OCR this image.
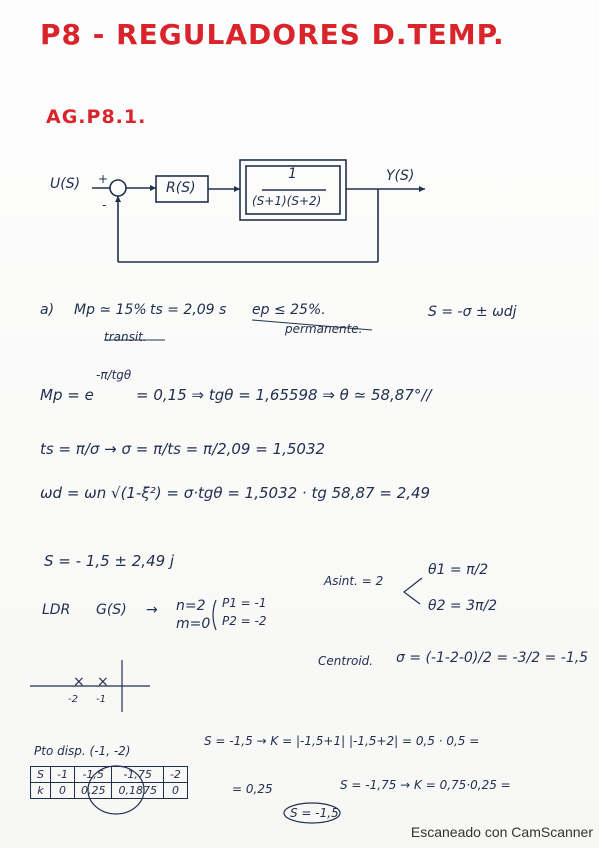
P8 - REGULADORES D.TEMP.
AG.P8.1.
× ×
U(S) +
-
R(S)
1
(S+1)(S+2)
Y(S)
a) Mp ≃ 15% ts = 2,09 s ep ≤ 25%.	S = -σ ± ωdj
transit.
permanente.
Mp = e
-π/tgθ
= 0,15 ⇒ tgθ = 1,65598 ⇒ θ ≃ 58,87°//
ts = π/σ → σ = π/ts = π/2,09 = 1,5032
ωd = ωn √(1-ξ²) = σ·tgθ = 1,5032 · tg 58,87 = 2,49
S = - 1,5 ± 2,49 j
LDR G(S) → n=2
m=0
P1 = -1
P2 = -2
Asint. = 2
θ1 = π/2
θ2 = 3π/2
Centroid. σ = (-1-2-0)/2 = -3/2 = -1,5
-2 -1
Pto disp. (-1, -2)
S = -1,5 → K = |-1,5+1| |-1,5+2| = 0,5 · 0,5 =
= 0,25	S = -1,75 → K = 0,75·0,25 =
S = -1,5
S	-1	-1,5	-1,75	-2
k	0	0,25	0,1875	0
Escaneado con CamScanner
